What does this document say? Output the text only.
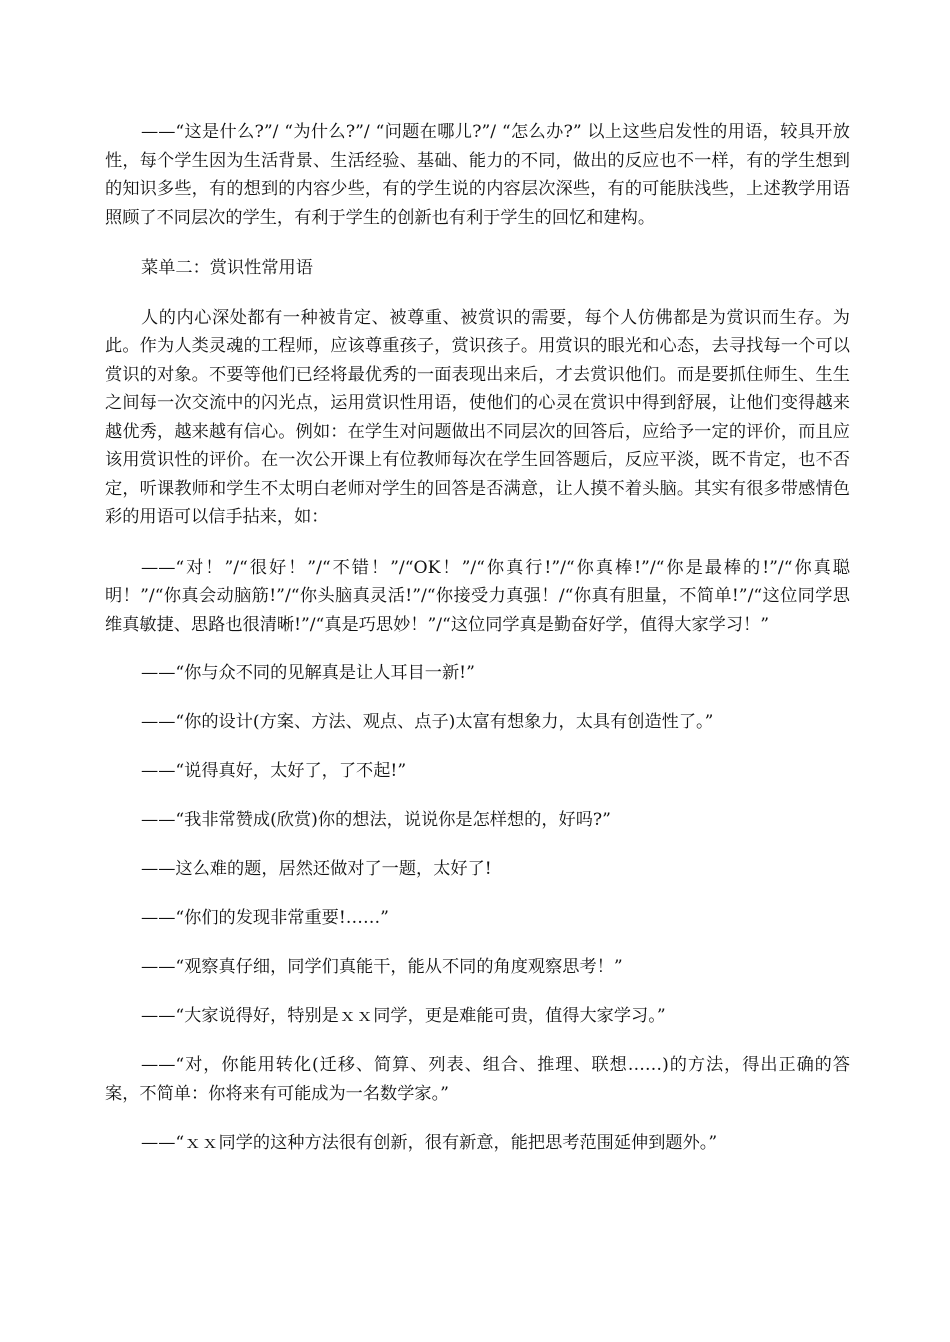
——“这是什么?”/ “为什么?”/ “问题在哪儿?”/ “怎么办?” 以上这些启发性的用语，较具开放性，每个学生因为生活背景、生活经验、基础、能力的不同，做出的反应也不一样，有的学生想到的知识多些，有的想到的内容少些，有的学生说的内容层次深些，有的可能肤浅些，上述教学用语照顾了不同层次的学生，有利于学生的创新也有利于学生的回忆和建构。

菜单二：赏识性常用语

人的内心深处都有一种被肯定、被尊重、被赏识的需要，每个人仿佛都是为赏识而生存。为此。作为人类灵魂的工程师，应该尊重孩子，赏识孩子。用赏识的眼光和心态，去寻找每一个可以赏识的对象。不要等他们已经将最优秀的一面表现出来后，才去赏识他们。而是要抓住师生、生生之间每一次交流中的闪光点，运用赏识性用语，使他们的心灵在赏识中得到舒展，让他们变得越来越优秀，越来越有信心。例如：在学生对问题做出不同层次的回答后，应给予一定的评价，而且应该用赏识性的评价。在一次公开课上有位教师每次在学生回答题后，反应平淡，既不肯定，也不否定，听课教师和学生不太明白老师对学生的回答是否满意，让人摸不着头脑。其实有很多带感情色彩的用语可以信手拈来，如：

——“对！”/“很好！”/“不错！”/“OK！”/“你真行!”/“你真棒!”/“你是最棒的!”/“你真聪明！”/“你真会动脑筋!”/“你头脑真灵活!”/“你接受力真强！/“你真有胆量，不简单!”/“这位同学思维真敏捷、思路也很清晰!”/“真是巧思妙！”/“这位同学真是勤奋好学，值得大家学习！”

——“你与众不同的见解真是让人耳目一新!”

——“你的设计(方案、方法、观点、点子)太富有想象力，太具有创造性了。”

——“说得真好，太好了，了不起!”

——“我非常赞成(欣赏)你的想法，说说你是怎样想的，好吗?”

——这么难的题，居然还做对了一题，太好了!

——“你们的发现非常重要!……”

——“观察真仔细，同学们真能干，能从不同的角度观察思考！”

——“大家说得好，特别是ｘｘ同学，更是难能可贵，值得大家学习。”

——“对，你能用转化(迁移、简算、列表、组合、推理、联想……)的方法，得出正确的答案，不简单：你将来有可能成为一名数学家。”

——“ｘｘ同学的这种方法很有创新，很有新意，能把思考范围延伸到题外。”
